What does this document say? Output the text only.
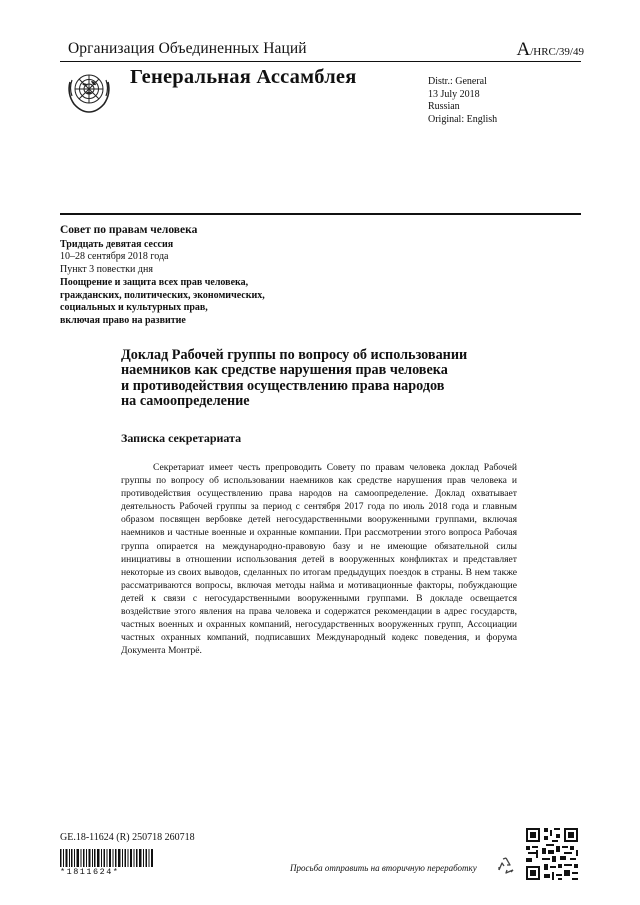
Организация Объединенных Наций	A/HRC/39/49
Генеральная Ассамблея	Distr.: General
13 July 2018
Russian
Original: English
Совет по правам человека
Тридцать девятая сессия
10–28 сентября 2018 года
Пункт 3 повестки дня
Поощрение и защита всех прав человека,
гражданских, политических, экономических,
социальных и культурных прав,
включая право на развитие
Доклад Рабочей группы по вопросу об использовании
наемников как средстве нарушения прав человека
и противодействия осуществлению права народов
на самоопределение
Записка секретариата

Секретариат имеет честь препроводить Совету по правам человека доклад Рабочей группы по вопросу об использовании наемников как средстве нарушения прав человека и противодействия осуществлению права народов на самоопределение. Доклад охватывает деятельность Рабочей группы за период с сентября 2017 года по июль 2018 года и главным образом посвящен вербовке детей негосударственными вооруженными группами, включая наемников и частные военные и охранные компании. При рассмотрении этого вопроса Рабочая группа опирается на международно-правовую базу и не имеющие обязательной силы инициативы в отношении использования детей в вооруженных конфликтах и представляет некоторые из своих выводов, сделанных по итогам предыдущих поездок в страны. В нем также рассматриваются вопросы, включая методы найма и мотивационные факторы, побуждающие детей к связи с негосударственными вооруженными группами. В докладе освещается воздействие этого явления на права человека и содержатся рекомендации в адрес государств, частных военных и охранных компаний, негосударственных вооруженных групп, Ассоциации частных охранных компаний, подписавших Международный кодекс поведения, и форума Документа Монтрё.

GE.18-11624 (R) 250718 260718
*1811624*	Просьба отправить на вторичную переработку
